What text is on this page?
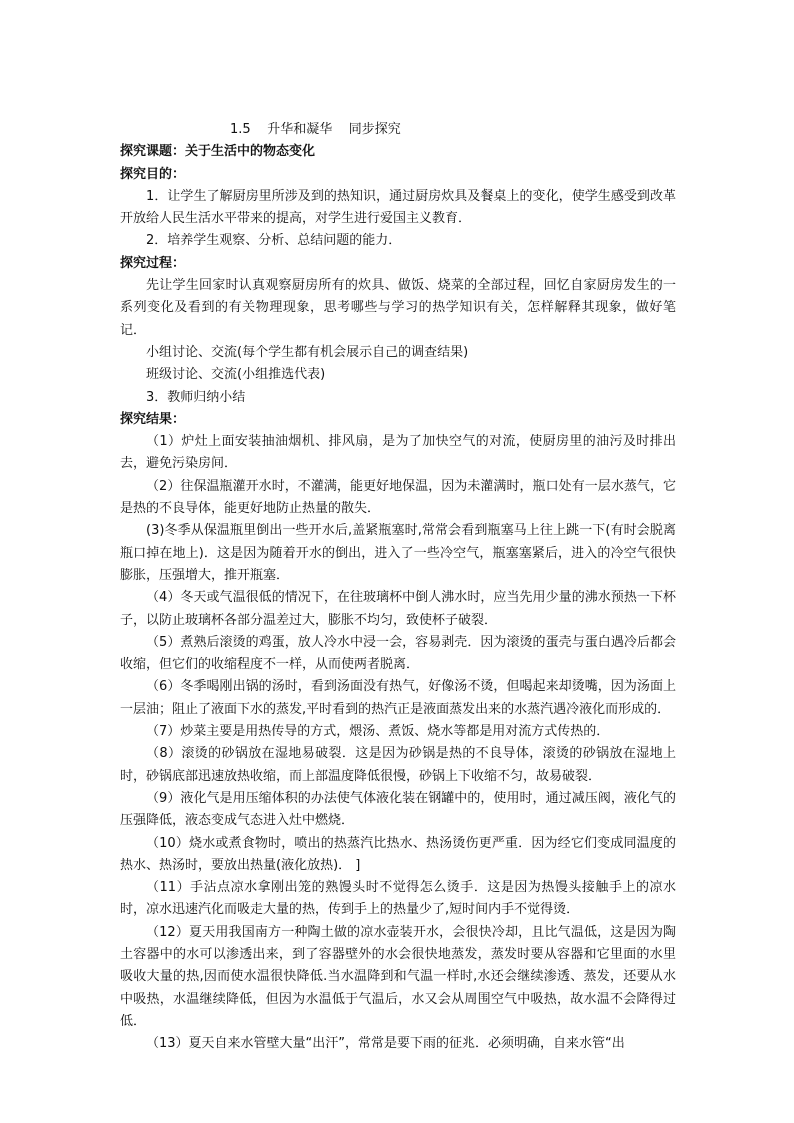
1.5    升华和凝华    同步探究

探究课题：关于生活中的物态变化

探究目的：

1．让学生了解厨房里所涉及到的热知识，通过厨房炊具及餐桌上的变化，使学生感受到改革开放给人民生活水平带来的提高，对学生进行爱国主义教育．

2．培养学生观察、分析、总结问题的能力．

探究过程：

先让学生回家时认真观察厨房所有的炊具、做饭、烧菜的全部过程，回忆自家厨房发生的一系列变化及看到的有关物理现象，思考哪些与学习的热学知识有关，怎样解释其现象，做好笔记．

小组讨论、交流(每个学生都有机会展示自己的调查结果)

班级讨论、交流(小组推选代表)

3．教师归纳小结

探究结果：

（1）炉灶上面安装抽油烟机、排风扇，是为了加快空气的对流，使厨房里的油污及时排出去，避免污染房间．

（2）往保温瓶灌开水时，不灌满，能更好地保温，因为未灌满时，瓶口处有一层水蒸气，它是热的不良导体，能更好地防止热量的散失．

(3)冬季从保温瓶里倒出一些开水后,盖紧瓶塞时,常常会看到瓶塞马上往上跳一下(有时会脱离瓶口掉在地上)．这是因为随着开水的倒出，进入了一些冷空气，瓶塞塞紧后，进入的冷空气很快膨胀，压强增大，推开瓶塞．

（4）冬天或气温很低的情况下，在往玻璃杯中倒人沸水时，应当先用少量的沸水预热一下杯子，以防止玻璃杯各部分温差过大，膨胀不均匀，致使杯子破裂．

（5）煮熟后滚烫的鸡蛋，放人冷水中浸一会，容易剥壳．因为滚烫的蛋壳与蛋白遇冷后都会收缩，但它们的收缩程度不一样，从而使两者脱离．

（6）冬季喝刚出锅的汤时，看到汤面没有热气，好像汤不烫，但喝起来却烫嘴，因为汤面上一层油；阻止了液面下水的蒸发,平时看到的热汽正是液面蒸发出来的水蒸汽遇冷液化而形成的．

（7）炒菜主要是用热传导的方式，煨汤、煮饭、烧水等都是用对流方式传热的．

（8）滚烫的砂锅放在湿地易破裂．这是因为砂锅是热的不良导体，滚烫的砂锅放在湿地上时，砂锅底部迅速放热收缩，而上部温度降低很慢，砂锅上下收缩不匀，故易破裂．

（9）液化气是用压缩体积的办法使气体液化装在钢罐中的，使用时，通过减压阀，液化气的压强降低，液态变成气态进入灶中燃烧．

（10）烧水或煮食物时，喷出的热蒸汽比热水、热汤烫伤更严重．因为经它们变成同温度的热水、热汤时，要放出热量(液化放热)． ]

（11）手沾点凉水拿刚出笼的熟馒头时不觉得怎么烫手．这是因为热馒头接触手上的凉水时，凉水迅速汽化而吸走大量的热，传到手上的热量少了,短时间内手不觉得烫．

（12）夏天用我国南方一种陶土做的凉水壶装开水，会很快冷却，且比气温低，这是因为陶土容器中的水可以渗透出来，到了容器壁外的水会很快地蒸发，蒸发时要从容器和它里面的水里吸收大量的热,因而使水温很快降低.当水温降到和气温一样时,水还会继续渗透、蒸发，还要从水中吸热，水温继续降低，但因为水温低于气温后，水又会从周围空气中吸热，故水温不会降得过低．

（13）夏天自来水管壁大量“出汗”，常常是要下雨的征兆．必须明确，自来水管“出
